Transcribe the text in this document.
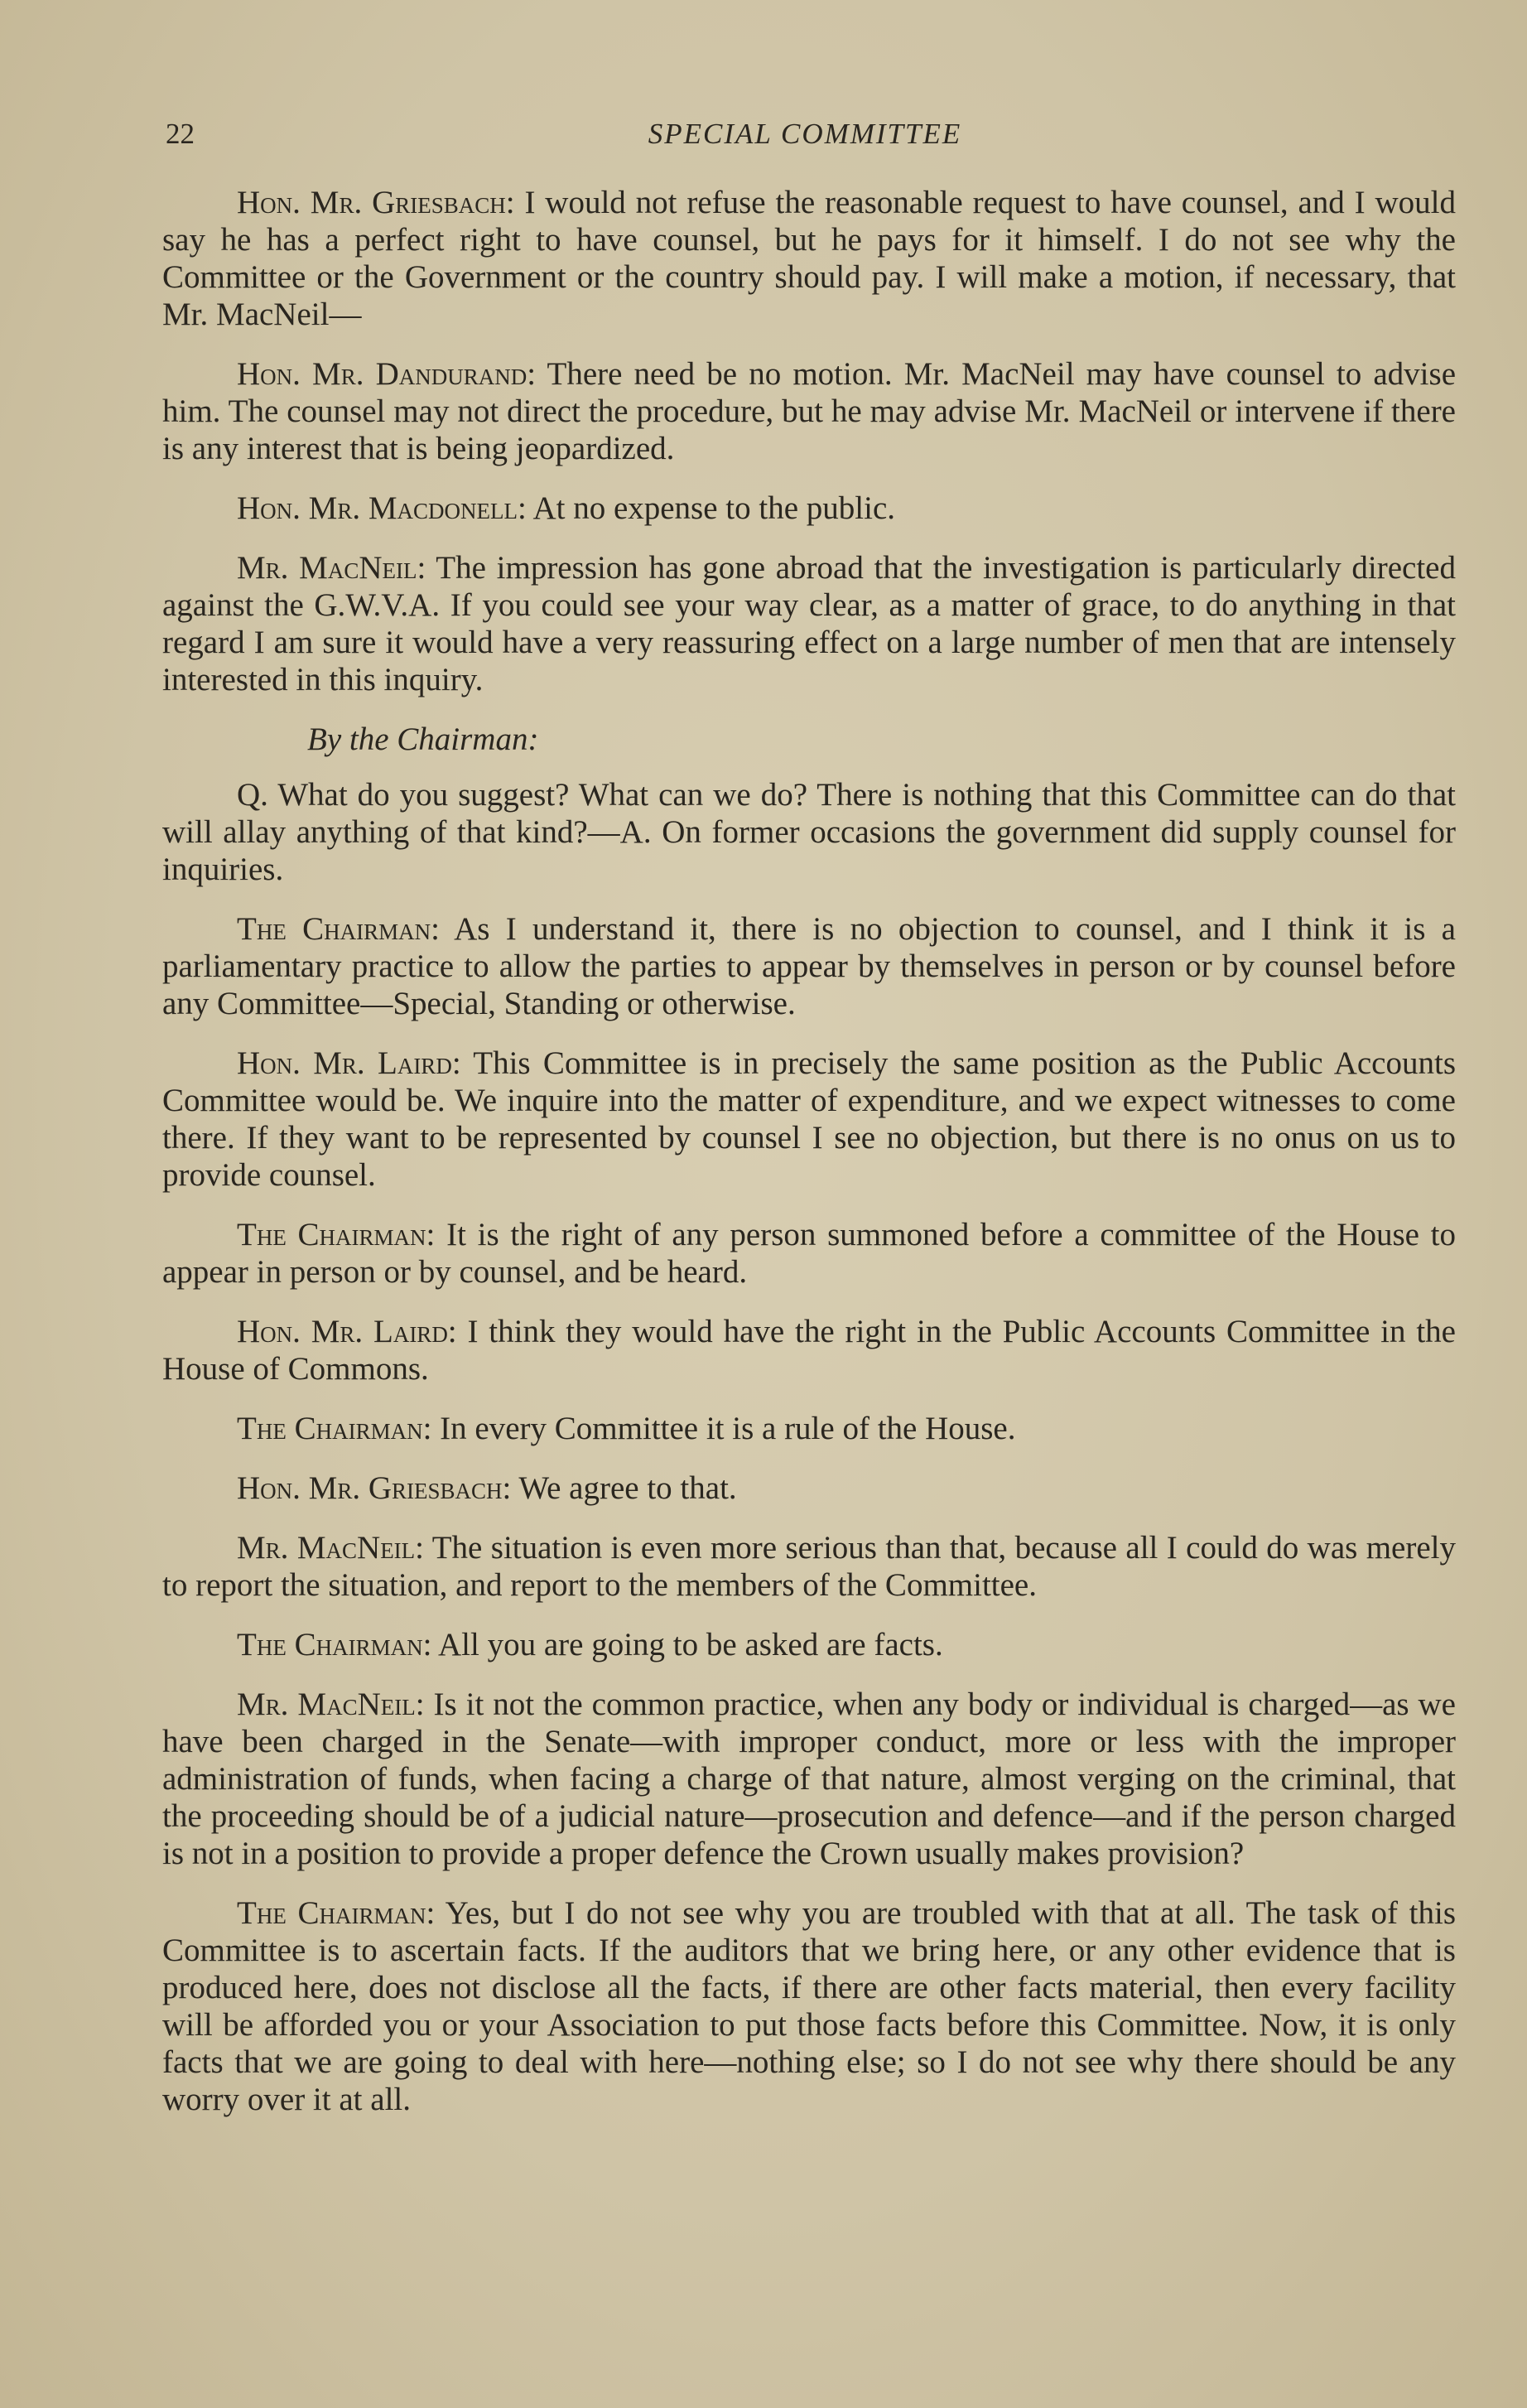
22	SPECIAL COMMITTEE

Hon. Mr. Griesbach: I would not refuse the reasonable request to have counsel, and I would say he has a perfect right to have counsel, but he pays for it himself. I do not see why the Committee or the Government or the country should pay. I will make a motion, if necessary, that Mr. MacNeil—

Hon. Mr. Dandurand: There need be no motion. Mr. MacNeil may have counsel to advise him. The counsel may not direct the procedure, but he may advise Mr. MacNeil or intervene if there is any interest that is being jeopardized.

Hon. Mr. Macdonell: At no expense to the public.

Mr. MacNeil: The impression has gone abroad that the investigation is particularly directed against the G.W.V.A. If you could see your way clear, as a matter of grace, to do anything in that regard I am sure it would have a very reassuring effect on a large number of men that are intensely interested in this inquiry.

By the Chairman:

Q. What do you suggest? What can we do? There is nothing that this Committee can do that will allay anything of that kind?—A. On former occasions the government did supply counsel for inquiries.

The Chairman: As I understand it, there is no objection to counsel, and I think it is a parliamentary practice to allow the parties to appear by themselves in person or by counsel before any Committee—Special, Standing or otherwise.

Hon. Mr. Laird: This Committee is in precisely the same position as the Public Accounts Committee would be. We inquire into the matter of expenditure, and we expect witnesses to come there. If they want to be represented by counsel I see no objection, but there is no onus on us to provide counsel.

The Chairman: It is the right of any person summoned before a committee of the House to appear in person or by counsel, and be heard.

Hon. Mr. Laird: I think they would have the right in the Public Accounts Committee in the House of Commons.

The Chairman: In every Committee it is a rule of the House.

Hon. Mr. Griesbach: We agree to that.

Mr. MacNeil: The situation is even more serious than that, because all I could do was merely to report the situation, and report to the members of the Committee.

The Chairman: All you are going to be asked are facts.

Mr. MacNeil: Is it not the common practice, when any body or individual is charged—as we have been charged in the Senate—with improper conduct, more or less with the improper administration of funds, when facing a charge of that nature, almost verging on the criminal, that the proceeding should be of a judicial nature—prosecution and defence—and if the person charged is not in a position to provide a proper defence the Crown usually makes provision?

The Chairman: Yes, but I do not see why you are troubled with that at all. The task of this Committee is to ascertain facts. If the auditors that we bring here, or any other evidence that is produced here, does not disclose all the facts, if there are other facts material, then every facility will be afforded you or your Association to put those facts before this Committee. Now, it is only facts that we are going to deal with here—nothing else; so I do not see why there should be any worry over it at all.
